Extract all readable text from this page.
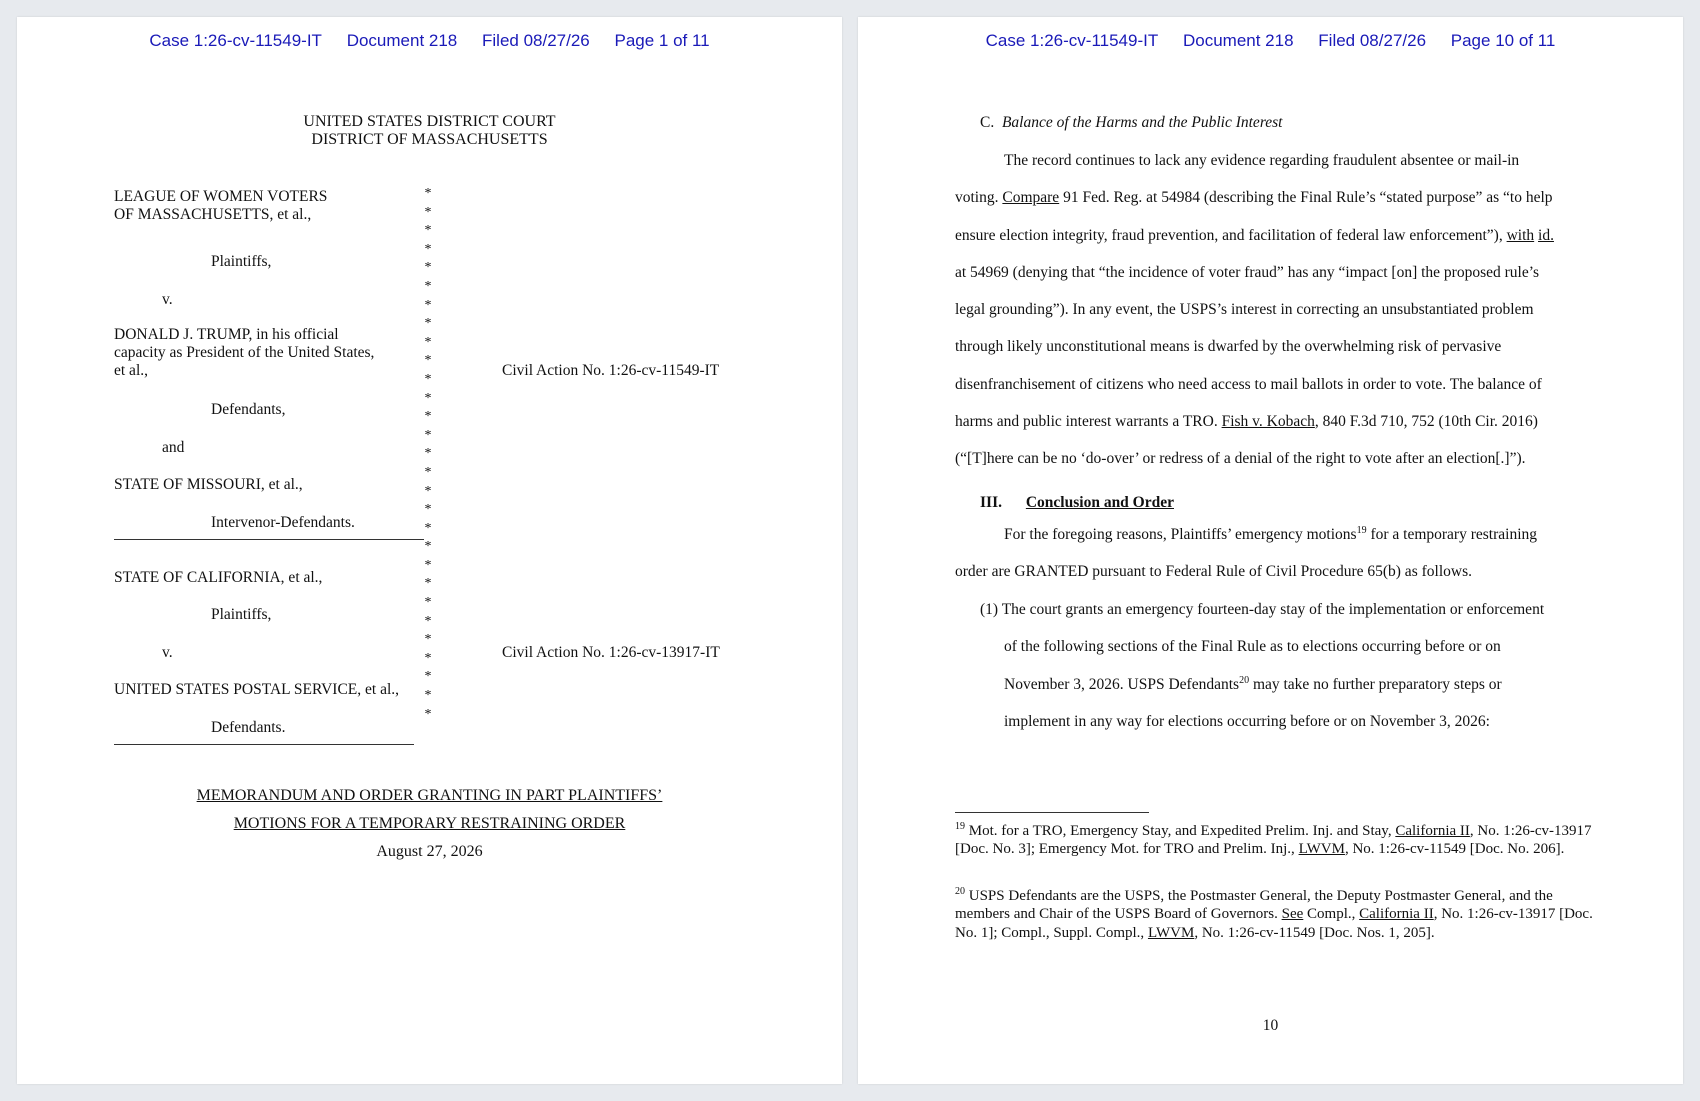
Case 1:26-cv-11549-IT Document 218 Filed 08/27/26 Page 1 of 11
UNITED STATES DISTRICT COURT
DISTRICT OF MASSACHUSETTS
LEAGUE OF WOMEN VOTERS
OF MASSACHUSETTS, et al.,
Plaintiffs,
v.
DONALD J. TRUMP, in his official
capacity as President of the United States,
et al.,	Civil Action No. 1:26-cv-11549-IT
Defendants,
and
STATE OF MISSOURI, et al.,
Intervenor-Defendants.
STATE OF CALIFORNIA, et al.,
Plaintiffs,
v.	Civil Action No. 1:26-cv-13917-IT
UNITED STATES POSTAL SERVICE, et al.,
Defendants.
*
*
*
*
*
*
*
*
*
*
*
*
*
*
*
*
*
*
*
*
*
*
*
*
*
*
*
*
*
MEMORANDUM AND ORDER GRANTING IN PART PLAINTIFFS’
MOTIONS FOR A TEMPORARY RESTRAINING ORDER
August 27, 2026
Case 1:26-cv-11549-IT Document 218 Filed 08/27/26 Page 10 of 11
C. Balance of the Harms and the Public Interest
The record continues to lack any evidence regarding fraudulent absentee or mail-in
voting. Compare 91 Fed. Reg. at 54984 (describing the Final Rule’s “stated purpose” as “to help
ensure election integrity, fraud prevention, and facilitation of federal law enforcement”), with id.
at 54969 (denying that “the incidence of voter fraud” has any “impact [on] the proposed rule’s
legal grounding”). In any event, the USPS’s interest in correcting an unsubstantiated problem
through likely unconstitutional means is dwarfed by the overwhelming risk of pervasive
disenfranchisement of citizens who need access to mail ballots in order to vote. The balance of
harms and public interest warrants a TRO. Fish v. Kobach, 840 F.3d 710, 752 (10th Cir. 2016)
(“[T]here can be no ‘do-over’ or redress of a denial of the right to vote after an election[.]”).
III. Conclusion and Order
For the foregoing reasons, Plaintiffs’ emergency motions$^{19}$ for a temporary restraining
order are GRANTED pursuant to Federal Rule of Civil Procedure 65(b) as follows.
(1) The court grants an emergency fourteen-day stay of the implementation or enforcement
of the following sections of the Final Rule as to elections occurring before or on
November 3, 2026. USPS Defendants$^{20}$ may take no further preparatory steps or
implement in any way for elections occurring before or on November 3, 2026:
$^{19}$ Mot. for a TRO, Emergency Stay, and Expedited Prelim. Inj. and Stay, California II, No. 1:26-cv-13917 [Doc. No. 3]; Emergency Mot. for TRO and Prelim. Inj., LWVM, No. 1:26-cv-11549 [Doc. No. 206].
$^{20}$ USPS Defendants are the USPS, the Postmaster General, the Deputy Postmaster General, and the members and Chair of the USPS Board of Governors. See Compl., California II, No. 1:26-cv-13917 [Doc. No. 1]; Compl., Suppl. Compl., LWVM, No. 1:26-cv-11549 [Doc. Nos. 1, 205].
10
